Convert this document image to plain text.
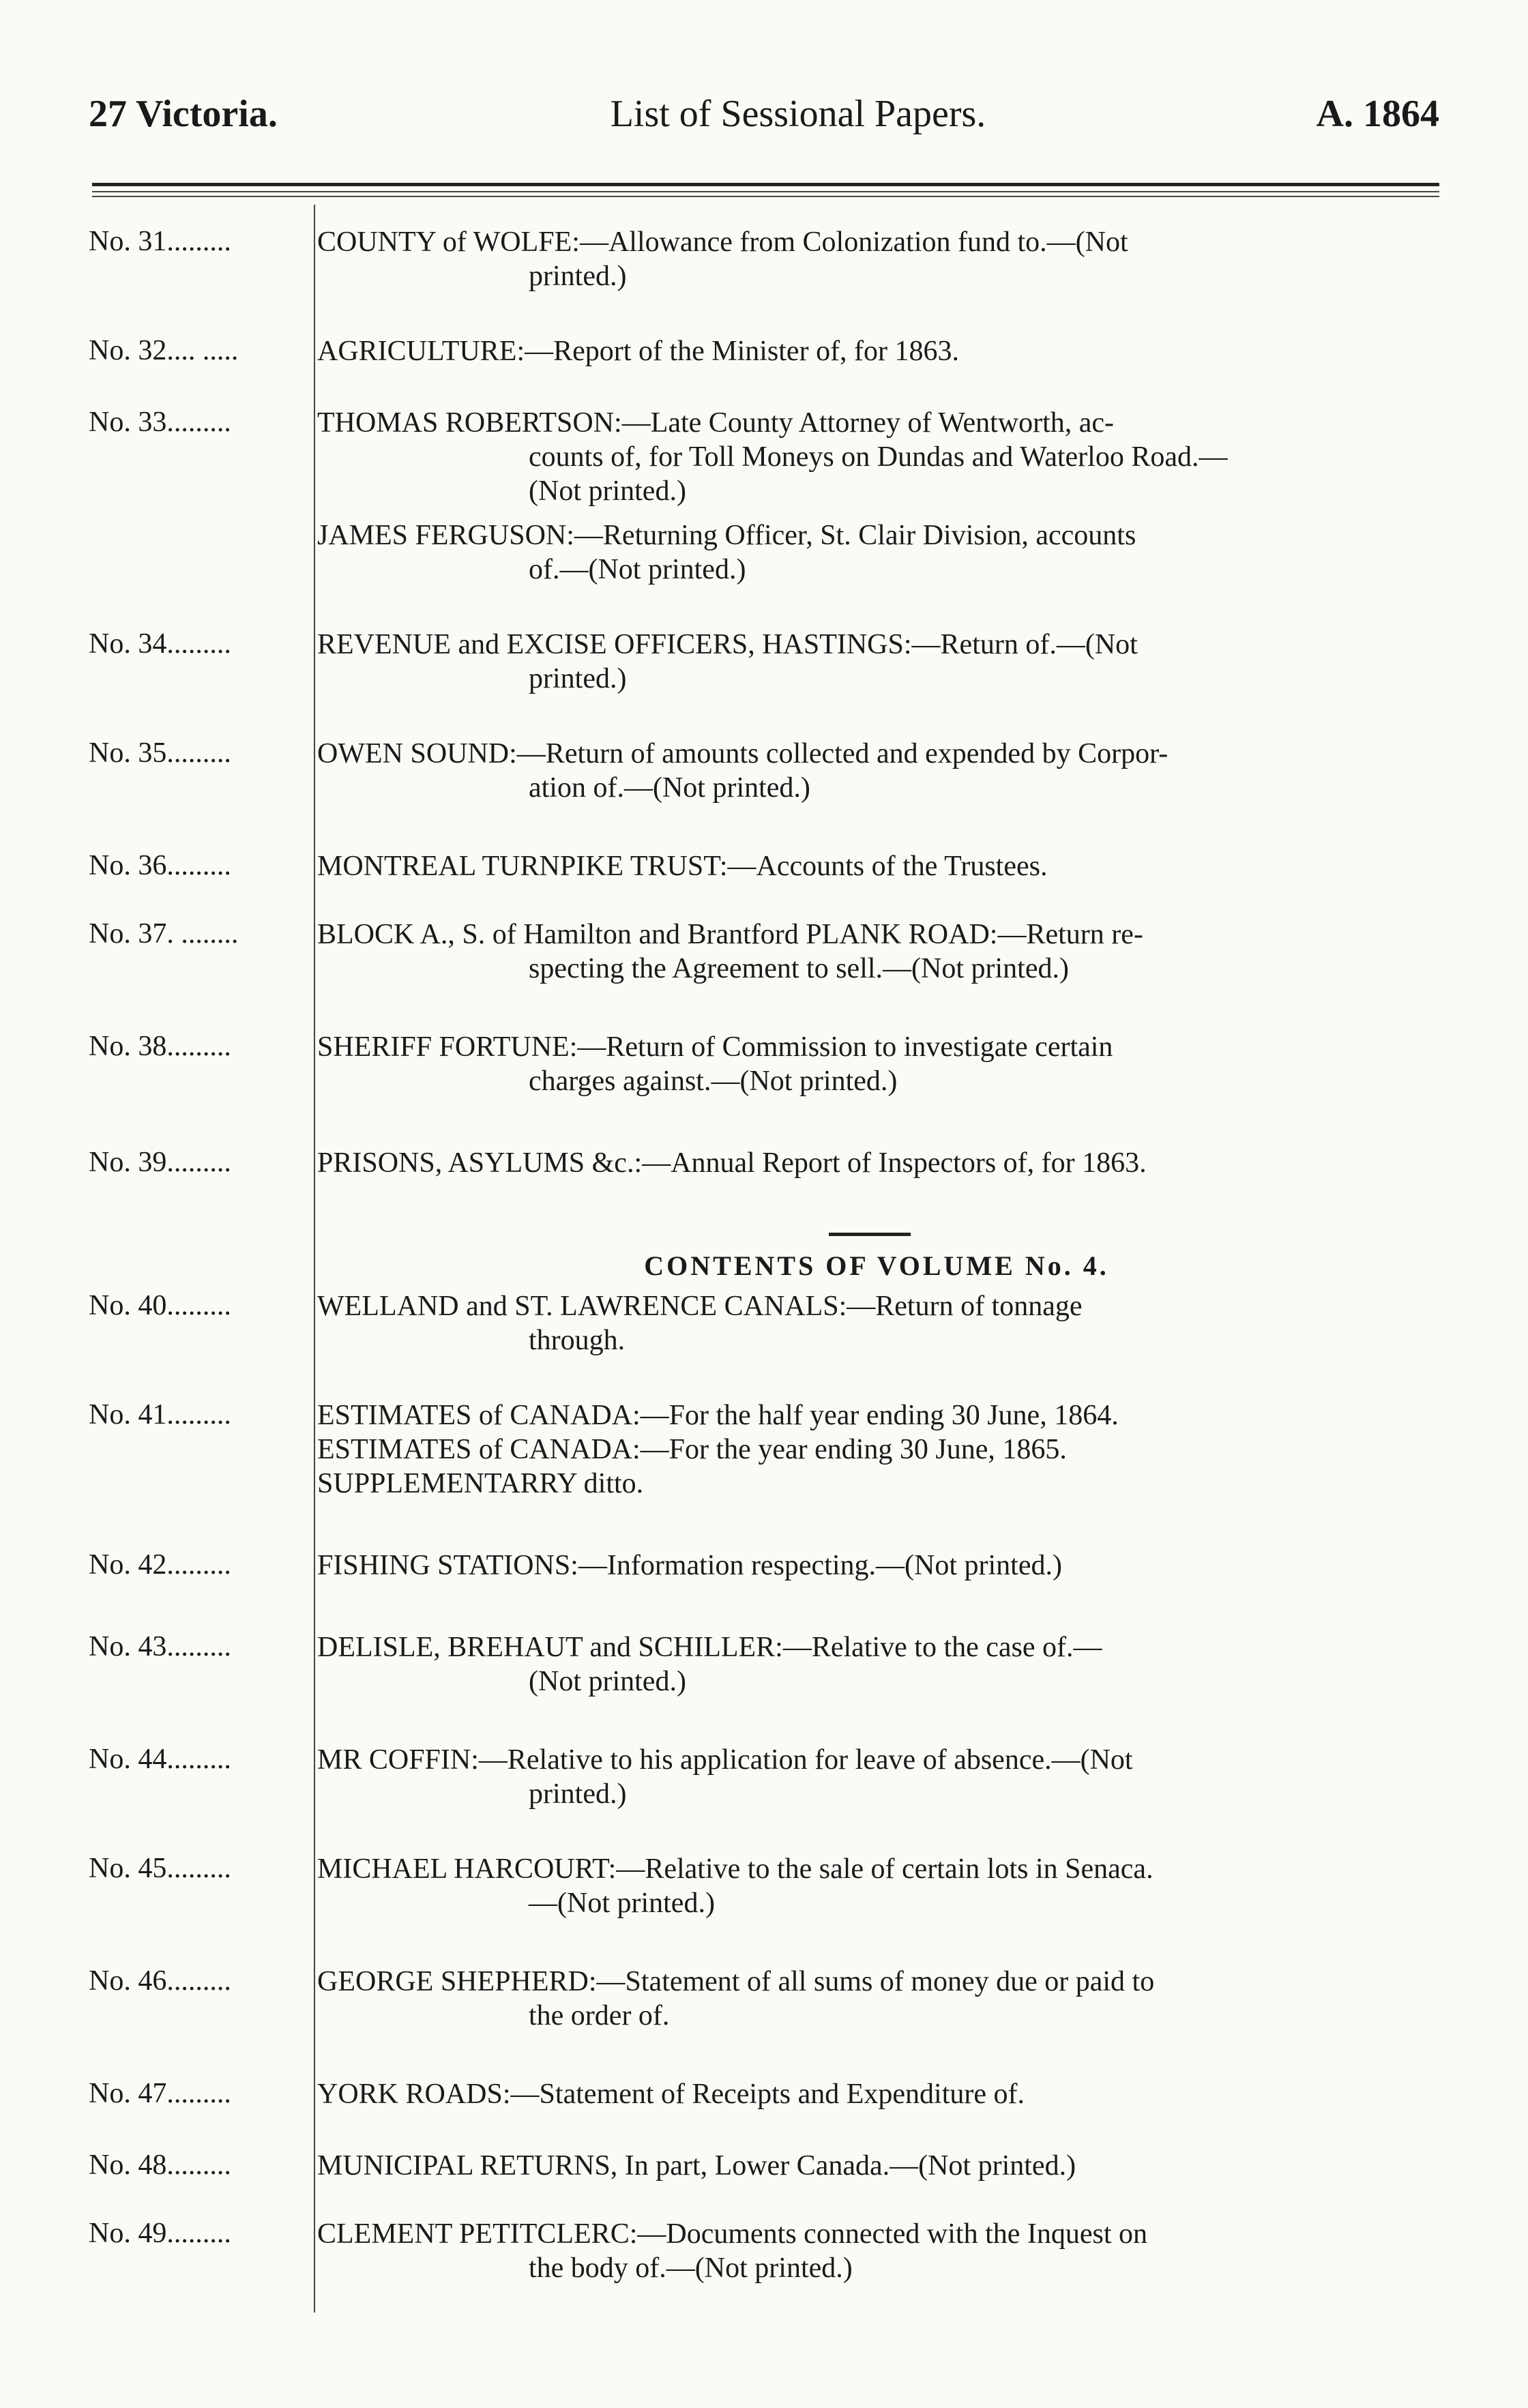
27 Victoria.	List of Sessional Papers.	A. 1864
No. 31.........	COUNTY of WOLFE:—Allowance from Colonization fund to.—(Not
printed.)
No. 32.... .....	AGRICULTURE:—Report of the Minister of, for 1863.
No. 33.........	THOMAS ROBERTSON:—Late County Attorney of Wentworth, ac-
counts of, for Toll Moneys on Dundas and Waterloo Road.—
(Not printed.)
JAMES FERGUSON:—Returning Officer, St. Clair Division, accounts
of.—(Not printed.)
No. 34.........	REVENUE and EXCISE OFFICERS, HASTINGS:—Return of.—(Not
printed.)
No. 35.........	OWEN SOUND:—Return of amounts collected and expended by Corpor-
ation of.—(Not printed.)
No. 36.........	MONTREAL TURNPIKE TRUST:—Accounts of the Trustees.
No. 37. ........	BLOCK A., S. of Hamilton and Brantford PLANK ROAD:—Return re-
specting the Agreement to sell.—(Not printed.)
No. 38.........	SHERIFF FORTUNE:—Return of Commission to investigate certain
charges against.—(Not printed.)
No. 39.........	PRISONS, ASYLUMS &c.:—Annual Report of Inspectors of, for 1863.
CONTENTS OF VOLUME No. 4.
No. 40.........	WELLAND and ST. LAWRENCE CANALS:—Return of tonnage
through.
No. 41.........	ESTIMATES of CANADA:—For the half year ending 30 June, 1864.
ESTIMATES of CANADA:—For the year ending 30 June, 1865.
SUPPLEMENTARRY ditto.
No. 42.........	FISHING STATIONS:—Information respecting.—(Not printed.)
No. 43.........	DELISLE, BREHAUT and SCHILLER:—Relative to the case of.—
(Not printed.)
No. 44.........	MR COFFIN:—Relative to his application for leave of absence.—(Not
printed.)
No. 45.........	MICHAEL HARCOURT:—Relative to the sale of certain lots in Senaca.
—(Not printed.)
No. 46.........	GEORGE SHEPHERD:—Statement of all sums of money due or paid to
the order of.
No. 47.........	YORK ROADS:—Statement of Receipts and Expenditure of.
No. 48.........	MUNICIPAL RETURNS, In part, Lower Canada.—(Not printed.)
No. 49.........	CLEMENT PETITCLERC:—Documents connected with the Inquest on
the body of.—(Not printed.)
